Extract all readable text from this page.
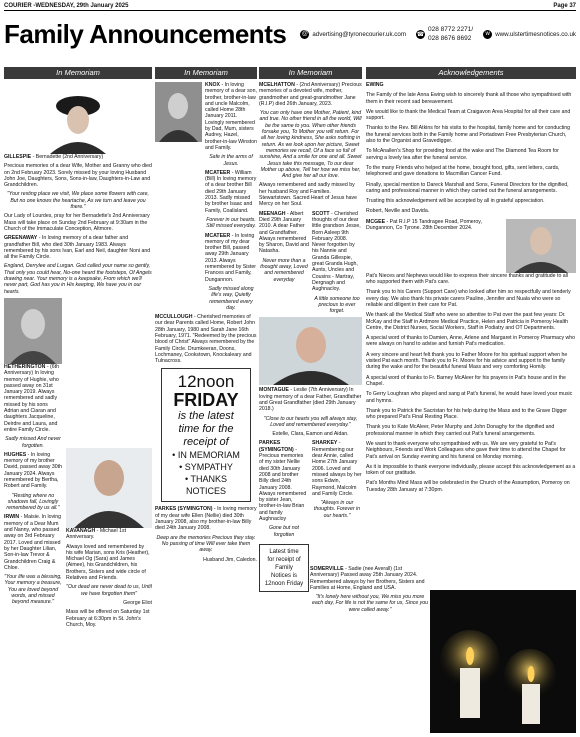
COURIER -WEDNESDAY, 29th January 2025	Page 37
Family Announcements	@ advertising@tyronecourier.uk.com ☎
028 8772 2271/
028 8676 8692
w www.ulstertimesnotices.co.uk
In Memoriam	In Memoriam	In Memoriam	Acknowledgements

GILLESPIE - Bernadette (2nd Anniversary)

Precious memories of a dear Wife, Mother and Granny who died on 2nd February 2023. Sorely missed by your loving Husband John Joe, Daughters, Sons, Sons-in-law, Daughters-in-Law and Grandchildren.

"Your resting place we visit, We place some flowers with care, But no one knows the heartache, As we turn and leave you there."

Our Lady of Lourdes, pray for her Bernadette's 2nd Anniversary Mass will take place on Sunday 2nd February at 9:30am in the Church of the Immaculate Conception, Altmore.

GREENAWAY - In loving memory of a dear father and grandfather Bill, who died 30th January 1983. Always remembered by his sons Ivan, Earl and Neil, daughter Noni and all the Family Circle.

England, Derrylee and Lurgan. God called your name so gently, That only you could hear, No-one heard the footsteps, Of Angels drawing near. Your memory is a keepsake, From which we'll never part, God has you in His keeping, We have you in our hearts.

HETHERINGTON - (6th Anniversary) In loving memory of Hughie, who passed away on 31st January 2019. Always remembered and sadly missed by his sons Adrian and Ciaran and daughters Jacqueline, Deirdre and Laura, and entire Family Circle.

Sadly missed And never forgotten.

HUGHES - In loving memory of my brother David, passed away 30th January 2024. Always remembered by Bertha, Robert and Family.

"Resting where no shadows fall, Lovingly remembered by us all."

IRWIN - Maisie. In loving memory of a Dear Mum and Nanny, who passed away on 3rd February 2017. Loved and missed by her Daughter Lilian, Son-in-law Trevor & Grandchildren Craig & Chloe.

"Your life was a blessing, Your memory a treasure, You are loved beyond words, and missed beyond measure."

KAVANAGH - Michael 1st Anniversary.

Always loved and remembered by his wife Marian, sons Kris (Heather), Michael Og (Sara) and James (Aimee), his Grandchildren, his Brothers, Sisters and wide circle of Relatives and Friends.

"Our dead are never dead to us, Until we have forgotten them"

George Eliot

Mass will be offered on Saturday 1st February at 6:30pm in St. John's Church, Moy.

KNOX - In loving memory of a dear son, brother, brother-in-law and uncle Malcolm, called Home 28th January 2011. Lovingly remembered by Dad, Mum, sisters Audrey, Hazel, brother-in-law Winston and Family.

Safe in the arms of Jesus.

MCATEER - William (Bill) In loving memory of a dear brother Bill died 29th January 2013. Sadly missed by brother Isaac and Family, Coalisland.

Forever in our hearts. Still missed everyday.

MCATEER - In loving memory of my dear brother Bill, passed away 29th January 2013. Always remembered by Sister Frances and Family, Dungannon.

Sadly missed along life's way, Quietly remembered every day.

MCCULLOUGH - Cherished memories of our dear Parents called Home, Robert John 28th January, 1980 and Sarah Jane 16th February, 1971. "Redeemed by the precious blood of Christ" Always remembered by the Family Circle. Drumkeeran, Doons, Lochmaney, Cookstown, Knockaleary and Tulnacross.

12noon
FRIDAY
is the latest
time for the
receipt of
• IN MEMORIAM
• SYMPATHY
• THANKS
NOTICES

PARKES (SYMINGTON) - In loving memory of my dear wife Ellen (Nellie) died 30th January 2008, also my brother-in-law Billy died 24th January 2008.

Deep are the memories Precious they stay. No passing of time Will ever take them away.

Husband Jim, Caledon.

MCELHATTON - (2nd Anniversary) Precious memories of a devoted wife, mother, grandmother and great-grandmother Jane (R.I.P) died 26th January, 2023.

You can only have one Mother, Patient, kind and true. No other friend in all the world, Will be the same to you. When other friends forsake you, To Mother you will return. For all her loving kindness, She asks nothing in return. As we look upon her picture, Sweet memories we recall, Of a face so full of sunshine, And a smile for one and all. Sweet Jesus take this message, To our dear Mother up above, Tell her how we miss her, And give her all our love.

Always remembered and sadly missed by her husband Roy and Families. Stewartstown. Sacred Heart of Jesus have Mercy on her Soul.

MEENAGH - Albert Died 29th January 2010. A dear Father and Grandfather. Always remembered by Sharon, David and Natasha.

Never more than a thought away, Loved and remembered everyday

SCOTT - Cherished thoughts of our dear little grandson Jesse, Born Asleep 9th February 2008. Never forgotten by his Nannie and Granda Gillespie, great Granda Hugh, Aunts, Uncles and Cousins - Martray, Dergnagh and Aughnacloy.

A little someone too precious to ever forget.

MONTAGUE - Leslie (7th Anniversary) In loving memory of a dear Father, Grandfather and Great Grandfather (died 29th January 2018.)

"Close to our hearts you will always stay, Loved and remembered everyday."

Estelle, Clara, Eamon and Aidan.

PARKES (SYMINGTON) - Precious memories of my sister Nellie died 30th January 2008 and brother Billy died 24th January 2008. Always remembered by sister Jean, brother-in-law Brian and family Aughnacloy

Gone but not forgotten

Latest time
for receipt of Family
Notices is
12noon Friday

SHARKEY - Remembering our dear Annie, called Home 27th January 2006. Loved and missed always by her sons Edwin, Raymond, Malcolm and Family Circle.

"Always in our thoughts. Forever in our hearts."

SOMERVILLE - Sadie (nee Averall) (1st Anniversary) Passed away 25th January 2024. Remembered always by her Brothers, Sisters and Families at Home, England and USA.

"It's lonely here without you, We miss you more each day, For life is not the same for us, Since you were called away."

EWING

The Family of the late Anna Ewing wish to sincerely thank all those who sympathised with them in their recent sad bereavement.

We would like to thank the Medical Team at Craigavon Area Hospital for all their care and support.

Thanks to the Rev. Bill Atkins for his visits to the hospital, family home and for conducting the funeral services both in the Family home and Portadown Free Presbyterian Church, also to the Organist and Gravedigger.

To McAnallen's Shop for providing food at the wake and The Diamond Tea Room for serving a lovely tea after the funeral service.

To the many Friends who helped at the home, brought food, gifts, sent letters, cards, telephoned and gave donations to Macmillan Cancer Fund.

Finally, special mention to Dareck Marshall and Sons, Funeral Directors for the dignified, caring and professional manner in which they carried out the funeral arrangements.

Trusting this acknowledgement will be accepted by all in grateful appreciation.

Robert, Neville and Davida.

MCGEE - Pat R.I.P 15 Tandragee Road, Pomeroy, Dungannon, Co Tyrone. 28th December 2024.

Pat's Nieces and Nephews would like to express their sincere thanks and gratitude to all who supported them with Pat's care.

Thank you to his Carers (Support Care) who looked after him so respectfully and tenderly every day. We also thank his private carers Pauline, Jennifer and Nuala who were so reliable and diligent in their care for Pat.

We thank all the Medical Staff who were so attentive to Pat over the past few years: Dr. McKay and the Staff in Ardmore Medical Practice, Helen and Patricia in Pomeroy Health Centre, the District Nurses, Social Workers, Staff in Podiatry and OT Departments.

A special word of thanks to Damien, Anne, Arlene and Margaret in Pomeroy Pharmacy who were always on hand to advise and furnish Pat's medication.

A very sincere and heart felt thank you to Father Moore for his spiritual support when he visited Pat each month. Thank you to Fr. Moore for his advice and support to the family during the wake and for the beautiful funeral Mass and very comforting Homily.

A special word of thanks to Fr. Barney McAleer for his prayers in Pat's house and in the Chapel.

To Gerry Loughran who played and sang at Pat's funeral, he would have loved your music and hymns.

Thank you to Patrick the Sacristan for his help during the Mass and to the Grave Digger who prepared Pat's Final Resting Place.

Thank you to Kate McAleer, Peter Murphy and John Donaghy for the dignified and professional manner in which they carried out Pat's funeral arrangements.

We want to thank everyone who sympathised with us. We are very grateful to Pat's Neighbours, Friends and Work Colleagues who gave their time to attend the Chapel for Pat's arrival on Sunday evening and his funeral on Monday morning.

As it is impossible to thank everyone individually, please accept this acknowledgement as a token of our gratitude.

Pat's Months Mind Mass will be celebrated in the Church of the Assumption, Pomeroy on Tuesday 28th January at 7:30pm.
